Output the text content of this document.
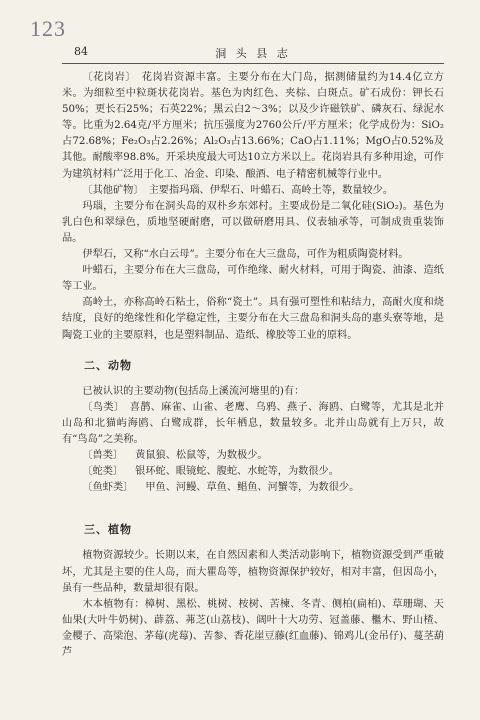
123
84	洞 头 县 志

〔花岗岩〕　花岗岩资源丰富。主要分布在大门岛，据测储量约为14.4亿立方米。为细粒至中粒斑状花岗岩。基色为肉红色、夹棕、白斑点。矿石成份：钾长石50%；更长石25%；石英22%；黑云白2～3%；以及少许磁铁矿、磷灰石、绿泥水等。比重为2.64克/平方厘米；抗压强度为2760公斤/平方厘米；化学成份为：SiO₂占72.68%；Fe₂O₃占2.26%；Al₂O₃占13.66%；CaO占1.11%；MgO占0.52%及其他。耐酸率98.8%。开采块度最大可达10立方米以上。花岗岩具有多种用途，可作为建筑材料广泛用于化工、冶金、印染、酿酒、电子精密机械等行业中。

〔其他矿物〕　主要指玛瑙、伊犁石、叶蜡石、高岭土等，数量较少。

玛瑙，主要分布在洞头岛的双朴乡东郊村。主要成份是二氧化硅(SiO₂)。基色为乳白色和翠绿色，质地坚硬耐磨，可以做研磨用具、仪表轴承等，可制成贵重装饰品。

伊犁石，又称“水白云母”。主要分布在大三盘岛，可作为粗质陶瓷材料。

叶蜡石，主要分布在大三盘岛，可作绝缘、耐火材料，可用于陶瓷、油漆、造纸等工业。

高岭土，亦称高岭石粘土，俗称“瓷土”。具有强可塑性和粘结力，高耐火度和烧结度，良好的绝缘性和化学稳定性，主要分布在大三盘岛和洞头岛的惠头寮等地，是陶瓷工业的主要原料，也是塑料制品、造纸、橡胶等工业的原料。

二、动物

已被认识的主要动物(包括岛上溪流河塘里的)有：

〔鸟类〕　喜鹊、麻雀、山雀、老鹰、乌鸦、燕子、海鸥、白鹭等，尤其是北并山岛和北猫屿海鸥、白鹭成群，长年栖息，数量较多。北并山岛就有上万只，故有“鸟岛”之美称。

〔兽类〕 黄鼠狼、松鼠等，为数极少。

〔蛇类〕 银环蛇、眼镜蛇、腹蛇、水蛇等，为数很少。

〔鱼虾类〕 甲鱼、河鳗、草鱼、鲳鱼、河蟹等，为数很少。

三、植物

植物资源较少。长期以来，在自然因素和人类活动影响下，植物资源受到严重破坏，尤其是主要的住人岛，而大瞿岛等，植物资源保护较好，相对丰富，但因岛小，虽有一些品种，数量却很有限。

木本植物有：樟树、黑松、桃树、桉树、苦楝、冬青、侧柏(扁柏)、草珊瑚、天仙果(大叶牛奶树)、薜荔、茀芝(山荔枝)、阔叶十大功劳、冠盖藤、檵木、野山楂、金樱子、高梁泡、茅莓(虎莓)、苦参、香花崖豆藤(红血藤)、锦鸡儿(金吊仔)、蔓茎葫芦
